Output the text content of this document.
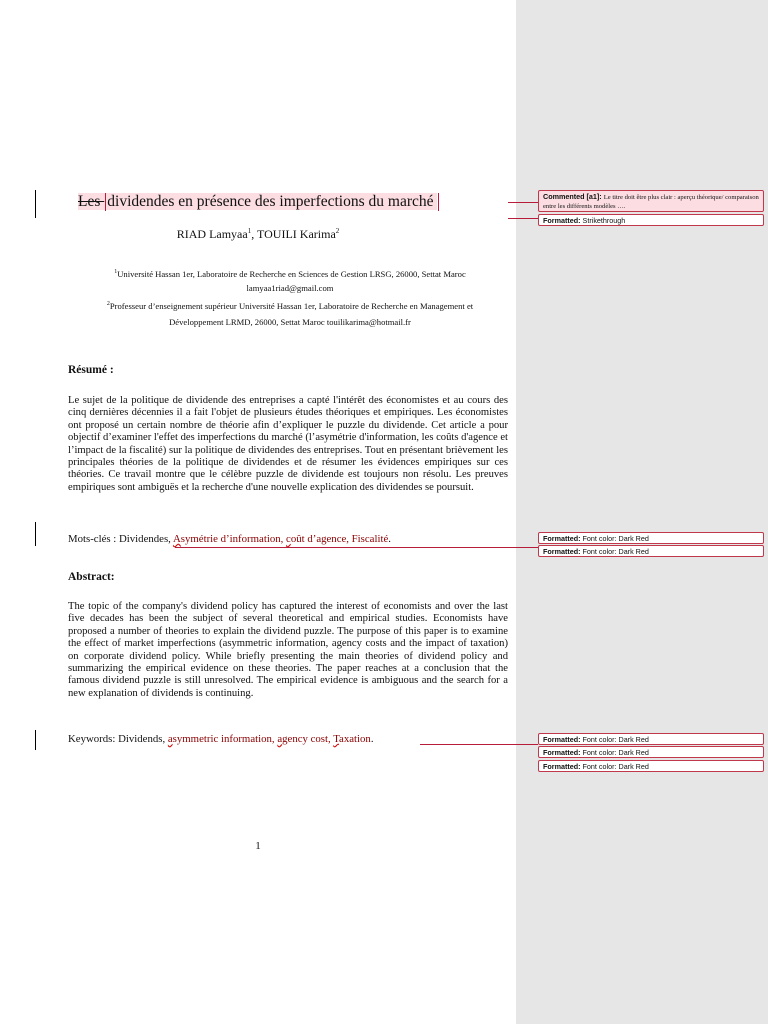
Les dividendes en présence des imperfections du marché
RIAD Lamyaa$^1$, TOUILI Karima$^2$
$^1$Université Hassan 1er, Laboratoire de Recherche en Sciences de Gestion LRSG, 26000, Settat Maroc
lamyaa1riad@gmail.com
$^2$Professeur d’enseignement supérieur Université Hassan 1er, Laboratoire de Recherche en Management et
Développement LRMD, 26000, Settat Maroc touilikarima@hotmail.fr
Résumé :
Le sujet de la politique de dividende des entreprises a capté l'intérêt des économistes et au cours des cinq dernières décennies il a fait l'objet de plusieurs études théoriques et empiriques. Les économistes ont proposé un certain nombre de théorie afin d’expliquer le puzzle du dividende. Cet article a pour objectif d’examiner l'effet des imperfections du marché (l’asymétrie d'information, les coûts d'agence et l’impact de la fiscalité) sur la politique de dividendes des entreprises. Tout en présentant brièvement les principales théories de la politique de dividendes et de résumer les évidences empiriques sur ces théories. Ce travail montre que le célèbre puzzle de dividende est toujours non résolu. Les preuves empiriques sont ambiguës et la recherche d'une nouvelle explication des dividendes se poursuit.
Mots-clés : Dividendes, Asymétrie d’information, coût d’agence, Fiscalité.
Abstract:
The topic of the company's dividend policy has captured the interest of economists and over the last five decades has been the subject of several theoretical and empirical studies. Economists have proposed a number of theories to explain the dividend puzzle. The purpose of this paper is to examine the effect of market imperfections (asymmetric information, agency costs and the impact of taxation) on corporate dividend policy. While briefly presenting the main theories of dividend policy and summarizing the empirical evidence on these theories. The paper reaches at a conclusion that the famous dividend puzzle is still unresolved. The empirical evidence is ambiguous and the search for a new explanation of dividends is continuing.
Keywords: Dividends, asymmetric information, agency cost, Taxation.
1
Commented [a1]: Le titre doit être plus clair : aperçu théorique/ comparaison entre les différents modèles ….
Formatted: Strikethrough
Formatted: Font color: Dark Red
Formatted: Font color: Dark Red
Formatted: Font color: Dark Red
Formatted: Font color: Dark Red
Formatted: Font color: Dark Red
